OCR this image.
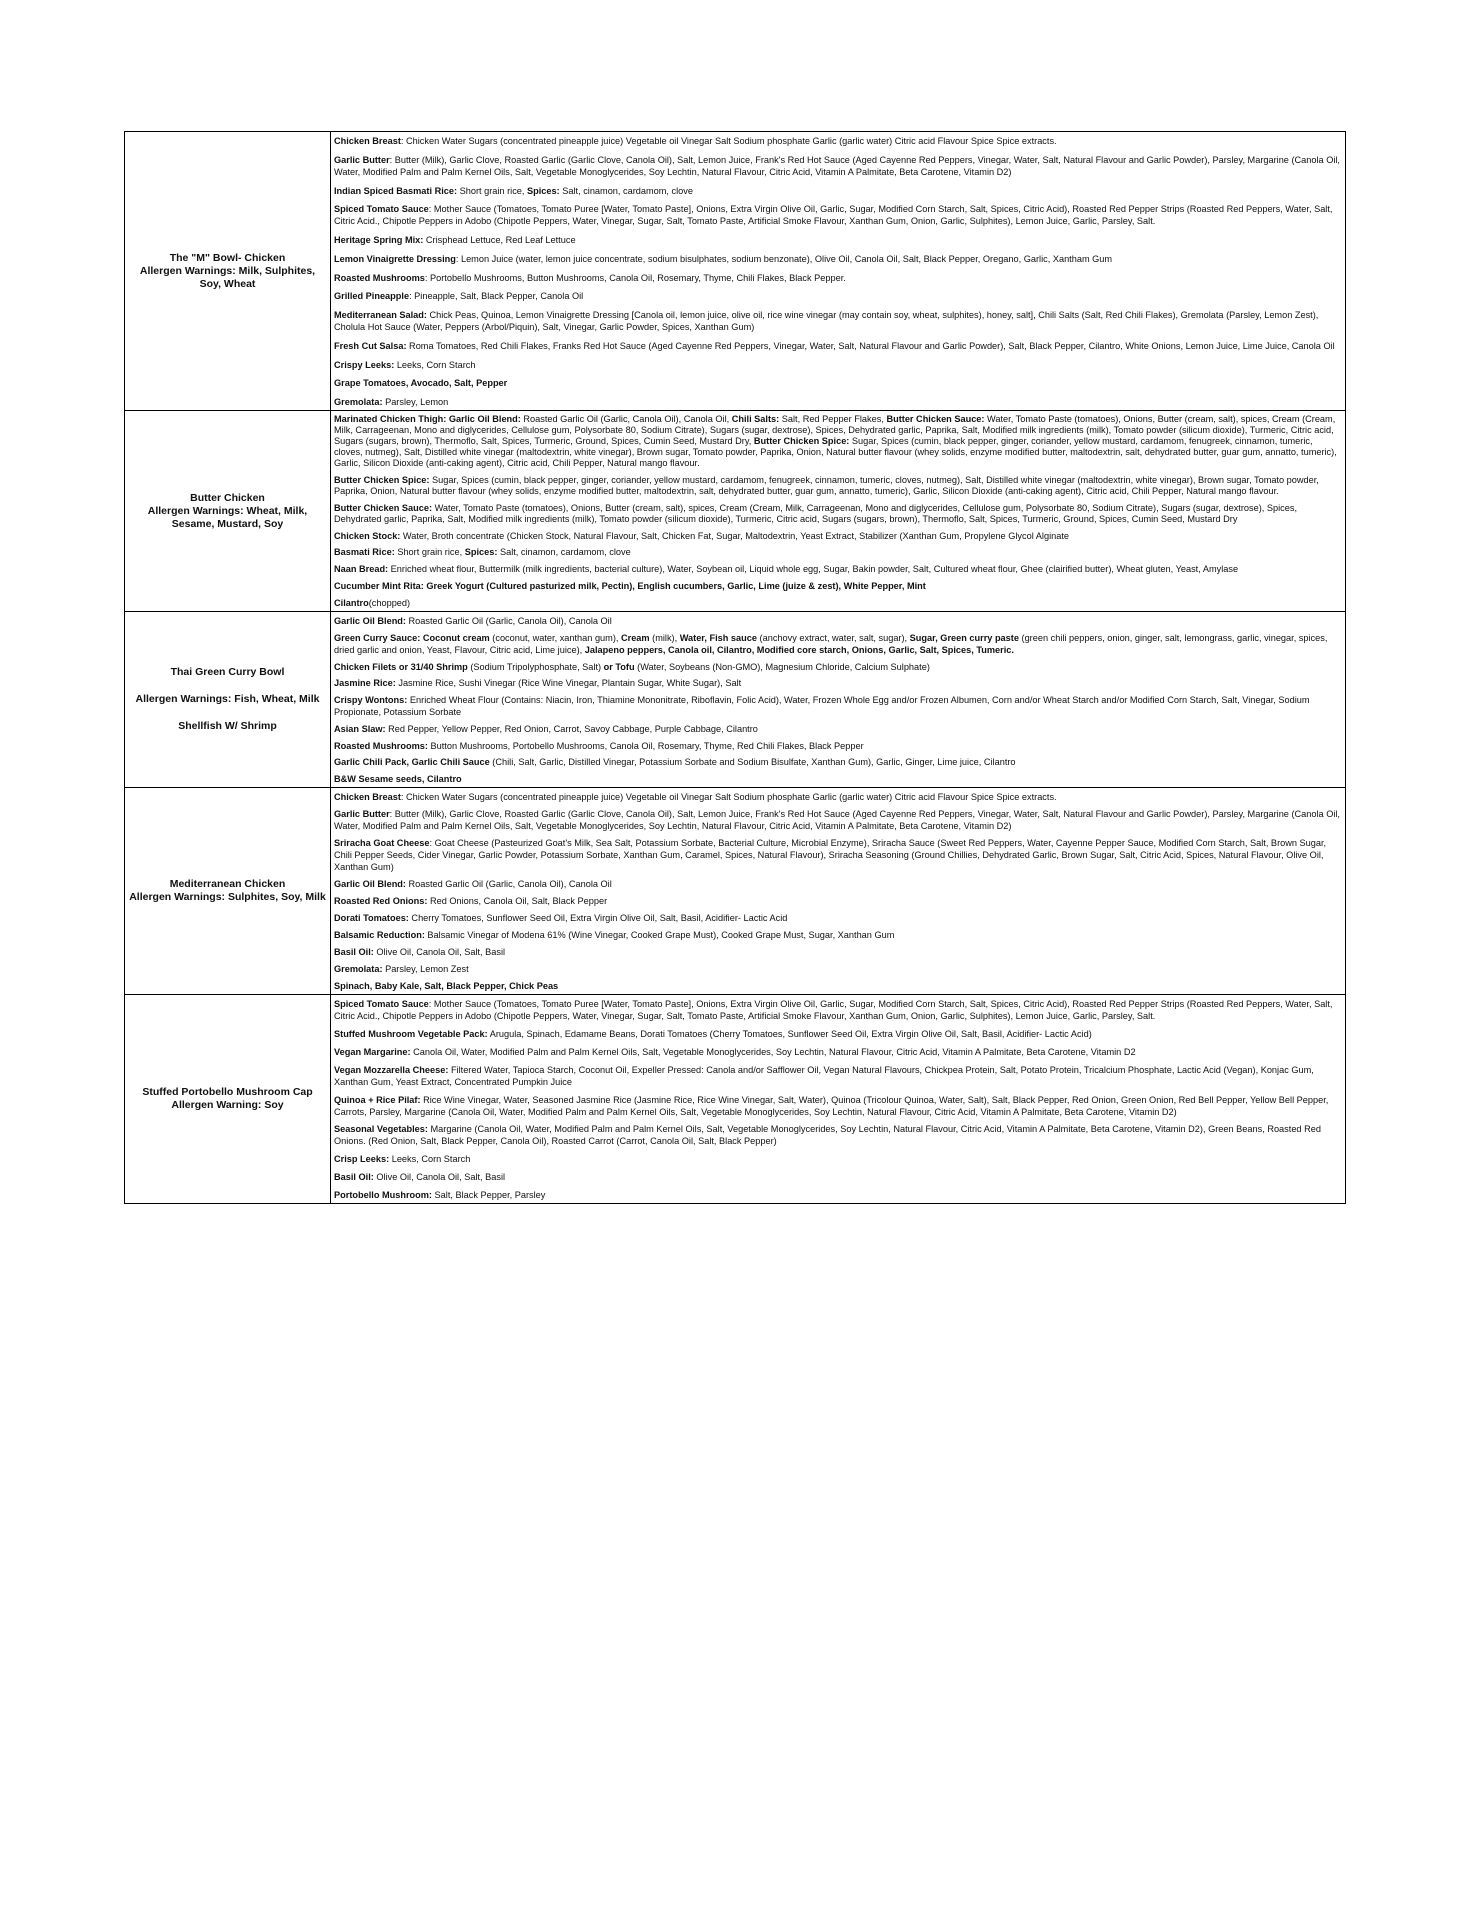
The "M" Bowl- Chicken
Allergen Warnings: Milk, Sulphites, Soy, Wheat

Chicken Breast: Chicken Water Sugars (concentrated pineapple juice) Vegetable oil Vinegar Salt Sodium phosphate Garlic (garlic water) Citric acid Flavour Spice Spice extracts.

Garlic Butter: Butter (Milk), Garlic Clove, Roasted Garlic (Garlic Clove, Canola Oil), Salt, Lemon Juice, Frank's Red Hot Sauce (Aged Cayenne Red Peppers, Vinegar, Water, Salt, Natural Flavour and Garlic Powder), Parsley, Margarine (Canola Oil, Water, Modified Palm and Palm Kernel Oils, Salt, Vegetable Monoglycerides, Soy Lechtin, Natural Flavour, Citric Acid, Vitamin A Palmitate, Beta Carotene, Vitamin D2)

Indian Spiced Basmati Rice: Short grain rice, Spices: Salt, cinamon, cardamom, clove

Spiced Tomato Sauce: Mother Sauce (Tomatoes, Tomato Puree [Water, Tomato Paste], Onions, Extra Virgin Olive Oil, Garlic, Sugar, Modified Corn Starch, Salt, Spices, Citric Acid), Roasted Red Pepper Strips (Roasted Red Peppers, Water, Salt, Citric Acid., Chipotle Peppers in Adobo (Chipotle Peppers, Water, Vinegar, Sugar, Salt, Tomato Paste, Artificial Smoke Flavour, Xanthan Gum, Onion, Garlic, Sulphites), Lemon Juice, Garlic, Parsley, Salt.

Heritage Spring Mix: Crisphead Lettuce, Red Leaf Lettuce

Lemon Vinaigrette Dressing: Lemon Juice (water, lemon juice concentrate, sodium bisulphates, sodium benzonate), Olive Oil, Canola Oil, Salt, Black Pepper, Oregano, Garlic, Xantham Gum

Roasted Mushrooms: Portobello Mushrooms, Button Mushrooms, Canola Oil, Rosemary, Thyme, Chili Flakes, Black Pepper.

Grilled Pineapple: Pineapple, Salt, Black Pepper, Canola Oil

Mediterranean Salad: Chick Peas, Quinoa, Lemon Vinaigrette Dressing [Canola oil, lemon juice, olive oil, rice wine vinegar (may contain soy, wheat, sulphites), honey, salt], Chili Salts (Salt, Red Chili Flakes), Gremolata (Parsley, Lemon Zest), Cholula Hot Sauce (Water, Peppers (Arbol/Piquin), Salt, Vinegar, Garlic Powder, Spices, Xanthan Gum)

Fresh Cut Salsa: Roma Tomatoes, Red Chili Flakes, Franks Red Hot Sauce (Aged Cayenne Red Peppers, Vinegar, Water, Salt, Natural Flavour and Garlic Powder), Salt, Black Pepper, Cilantro, White Onions, Lemon Juice, Lime Juice, Canola Oil

Crispy Leeks: Leeks, Corn Starch

Grape Tomatoes, Avocado, Salt, Pepper

Gremolata: Parsley, Lemon

Butter Chicken
Allergen Warnings: Wheat, Milk, Sesame, Mustard, Soy

Marinated Chicken Thigh: Garlic Oil Blend: Roasted Garlic Oil (Garlic, Canola Oil), Canola Oil, Chili Salts: Salt, Red Pepper Flakes, Butter Chicken Sauce: Water, Tomato Paste (tomatoes), Onions, Butter (cream, salt), spices, Cream (Cream, Milk, Carrageenan, Mono and diglycerides, Cellulose gum, Polysorbate 80, Sodium Citrate), Sugars (sugar, dextrose), Spices, Dehydrated garlic, Paprika, Salt, Modified milk ingredients (milk), Tomato powder (silicum dioxide), Turmeric, Citric acid, Sugars (sugars, brown), Thermoflo, Salt, Spices, Turmeric, Ground, Spices, Cumin Seed, Mustard Dry, Butter Chicken Spice: Sugar, Spices (cumin, black pepper, ginger, coriander, yellow mustard, cardamom, fenugreek, cinnamon, tumeric, cloves, nutmeg), Salt, Distilled white vinegar (maltodextrin, white vinegar), Brown sugar, Tomato powder, Paprika, Onion, Natural butter flavour (whey solids, enzyme modified butter, maltodextrin, salt, dehydrated butter, guar gum, annatto, tumeric), Garlic, Silicon Dioxide (anti-caking agent), Citric acid, Chili Pepper, Natural mango flavour.

Butter Chicken Spice: Sugar, Spices (cumin, black pepper, ginger, coriander, yellow mustard, cardamom, fenugreek, cinnamon, tumeric, cloves, nutmeg), Salt, Distilled white vinegar (maltodextrin, white vinegar), Brown sugar, Tomato powder, Paprika, Onion, Natural butter flavour (whey solids, enzyme modified butter, maltodextrin, salt, dehydrated butter, guar gum, annatto, tumeric), Garlic, Silicon Dioxide (anti-caking agent), Citric acid, Chili Pepper, Natural mango flavour.

Butter Chicken Sauce: Water, Tomato Paste (tomatoes), Onions, Butter (cream, salt), spices, Cream (Cream, Milk, Carrageenan, Mono and diglycerides, Cellulose gum, Polysorbate 80, Sodium Citrate), Sugars (sugar, dextrose), Spices, Dehydrated garlic, Paprika, Salt, Modified milk ingredients (milk), Tomato powder (silicum dioxide), Turmeric, Citric acid, Sugars (sugars, brown), Thermoflo, Salt, Spices, Turmeric, Ground, Spices, Cumin Seed, Mustard Dry

Chicken Stock: Water, Broth concentrate (Chicken Stock, Natural Flavour, Salt, Chicken Fat, Sugar, Maltodextrin, Yeast Extract, Stabilizer (Xanthan Gum, Propylene Glycol Alginate

Basmati Rice: Short grain rice, Spices: Salt, cinamon, cardamom, clove

Naan Bread: Enriched wheat flour, Buttermilk (milk ingredients, bacterial culture), Water, Soybean oil, Liquid whole egg, Sugar, Bakin powder, Salt, Cultured wheat flour, Ghee (clairified butter), Wheat gluten, Yeast, Amylase

Cucumber Mint Rita: Greek Yogurt (Cultured pasturized milk, Pectin), English cucumbers, Garlic, Lime (juize & zest), White Pepper, Mint

Cilantro(chopped)

Thai Green Curry Bowl
Allergen Warnings: Fish, Wheat, Milk
Shellfish W/ Shrimp

Garlic Oil Blend: Roasted Garlic Oil (Garlic, Canola Oil), Canola Oil

Green Curry Sauce: Coconut cream (coconut, water, xanthan gum), Cream (milk), Water, Fish sauce (anchovy extract, water, salt, sugar), Sugar, Green curry paste (green chili peppers, onion, ginger, salt, lemongrass, garlic, vinegar, spices, dried garlic and onion, Yeast, Flavour, Citric acid, Lime juice), Jalapeno peppers, Canola oil, Cilantro, Modified core starch, Onions, Garlic, Salt, Spices, Tumeric.

Chicken Filets or 31/40 Shrimp (Sodium Tripolyphosphate, Salt) or Tofu (Water, Soybeans (Non-GMO), Magnesium Chloride, Calcium Sulphate)

Jasmine Rice: Jasmine Rice, Sushi Vinegar (Rice Wine Vinegar, Plantain Sugar, White Sugar), Salt

Crispy Wontons: Enriched Wheat Flour (Contains: Niacin, Iron, Thiamine Mononitrate, Riboflavin, Folic Acid), Water, Frozen Whole Egg and/or Frozen Albumen, Corn and/or Wheat Starch and/or Modified Corn Starch, Salt, Vinegar, Sodium Propionate, Potassium Sorbate

Asian Slaw: Red Pepper, Yellow Pepper, Red Onion, Carrot, Savoy Cabbage, Purple Cabbage, Cilantro

Roasted Mushrooms: Button Mushrooms, Portobello Mushrooms, Canola Oil, Rosemary, Thyme, Red Chili Flakes, Black Pepper

Garlic Chili Pack, Garlic Chili Sauce (Chili, Salt, Garlic, Distilled Vinegar, Potassium Sorbate and Sodium Bisulfate, Xanthan Gum), Garlic, Ginger, Lime juice, Cilantro

B&W Sesame seeds, Cilantro

Mediterranean Chicken
Allergen Warnings: Sulphites, Soy, Milk

Chicken Breast: Chicken Water Sugars (concentrated pineapple juice) Vegetable oil Vinegar Salt Sodium phosphate Garlic (garlic water) Citric acid Flavour Spice Spice extracts.

Garlic Butter: Butter (Milk), Garlic Clove, Roasted Garlic (Garlic Clove, Canola Oil), Salt, Lemon Juice, Frank's Red Hot Sauce (Aged Cayenne Red Peppers, Vinegar, Water, Salt, Natural Flavour and Garlic Powder), Parsley, Margarine (Canola Oil, Water, Modified Palm and Palm Kernel Oils, Salt, Vegetable Monoglycerides, Soy Lechtin, Natural Flavour, Citric Acid, Vitamin A Palmitate, Beta Carotene, Vitamin D2)

Sriracha Goat Cheese: Goat Cheese (Pasteurized Goat's Milk, Sea Salt, Potassium Sorbate, Bacterial Culture, Microbial Enzyme), Sriracha Sauce (Sweet Red Peppers, Water, Cayenne Pepper Sauce, Modified Corn Starch, Salt, Brown Sugar, Chili Pepper Seeds, Cider Vinegar, Garlic Powder, Potassium Sorbate, Xanthan Gum, Caramel, Spices, Natural Flavour), Sriracha Seasoning (Ground Chillies, Dehydrated Garlic, Brown Sugar, Salt, Citric Acid, Spices, Natural Flavour, Olive Oil, Xanthan Gum)

Garlic Oil Blend: Roasted Garlic Oil (Garlic, Canola Oil), Canola Oil

Roasted Red Onions: Red Onions, Canola Oil, Salt, Black Pepper

Dorati Tomatoes: Cherry Tomatoes, Sunflower Seed Oil, Extra Virgin Olive Oil, Salt, Basil, Acidifier- Lactic Acid

Balsamic Reduction: Balsamic Vinegar of Modena 61% (Wine Vinegar, Cooked Grape Must), Cooked Grape Must, Sugar, Xanthan Gum

Basil Oil: Olive Oil, Canola Oil, Salt, Basil

Gremolata: Parsley, Lemon Zest

Spinach, Baby Kale, Salt, Black Pepper, Chick Peas

Stuffed Portobello Mushroom Cap
Allergen Warning: Soy

Spiced Tomato Sauce: Mother Sauce (Tomatoes, Tomato Puree [Water, Tomato Paste], Onions, Extra Virgin Olive Oil, Garlic, Sugar, Modified Corn Starch, Salt, Spices, Citric Acid), Roasted Red Pepper Strips (Roasted Red Peppers, Water, Salt, Citric Acid., Chipotle Peppers in Adobo (Chipotle Peppers, Water, Vinegar, Sugar, Salt, Tomato Paste, Artificial Smoke Flavour, Xanthan Gum, Onion, Garlic, Sulphites), Lemon Juice, Garlic, Parsley, Salt.

Stuffed Mushroom Vegetable Pack: Arugula, Spinach, Edamame Beans, Dorati Tomatoes (Cherry Tomatoes, Sunflower Seed Oil, Extra Virgin Olive Oil, Salt, Basil, Acidifier- Lactic Acid)

Vegan Margarine: Canola Oil, Water, Modified Palm and Palm Kernel Oils, Salt, Vegetable Monoglycerides, Soy Lechtin, Natural Flavour, Citric Acid, Vitamin A Palmitate, Beta Carotene, Vitamin D2

Vegan Mozzarella Cheese: Filtered Water, Tapioca Starch, Coconut Oil, Expeller Pressed: Canola and/or Safflower Oil, Vegan Natural Flavours, Chickpea Protein, Salt, Potato Protein, Tricalcium Phosphate, Lactic Acid (Vegan), Konjac Gum, Xanthan Gum, Yeast Extract, Concentrated Pumpkin Juice

Quinoa + Rice Pilaf: Rice Wine Vinegar, Water, Seasoned Jasmine Rice (Jasmine Rice, Rice Wine Vinegar, Salt, Water), Quinoa (Tricolour Quinoa, Water, Salt), Salt, Black Pepper, Red Onion, Green Onion, Red Bell Pepper, Yellow Bell Pepper, Carrots, Parsley, Margarine (Canola Oil, Water, Modified Palm and Palm Kernel Oils, Salt, Vegetable Monoglycerides, Soy Lechtin, Natural Flavour, Citric Acid, Vitamin A Palmitate, Beta Carotene, Vitamin D2)

Seasonal Vegetables: Margarine (Canola Oil, Water, Modified Palm and Palm Kernel Oils, Salt, Vegetable Monoglycerides, Soy Lechtin, Natural Flavour, Citric Acid, Vitamin A Palmitate, Beta Carotene, Vitamin D2), Green Beans, Roasted Red Onions. (Red Onion, Salt, Black Pepper, Canola Oil), Roasted Carrot (Carrot, Canola Oil, Salt, Black Pepper)

Crisp Leeks: Leeks, Corn Starch

Basil Oil: Olive Oil, Canola Oil, Salt, Basil

Portobello Mushroom: Salt, Black Pepper, Parsley
